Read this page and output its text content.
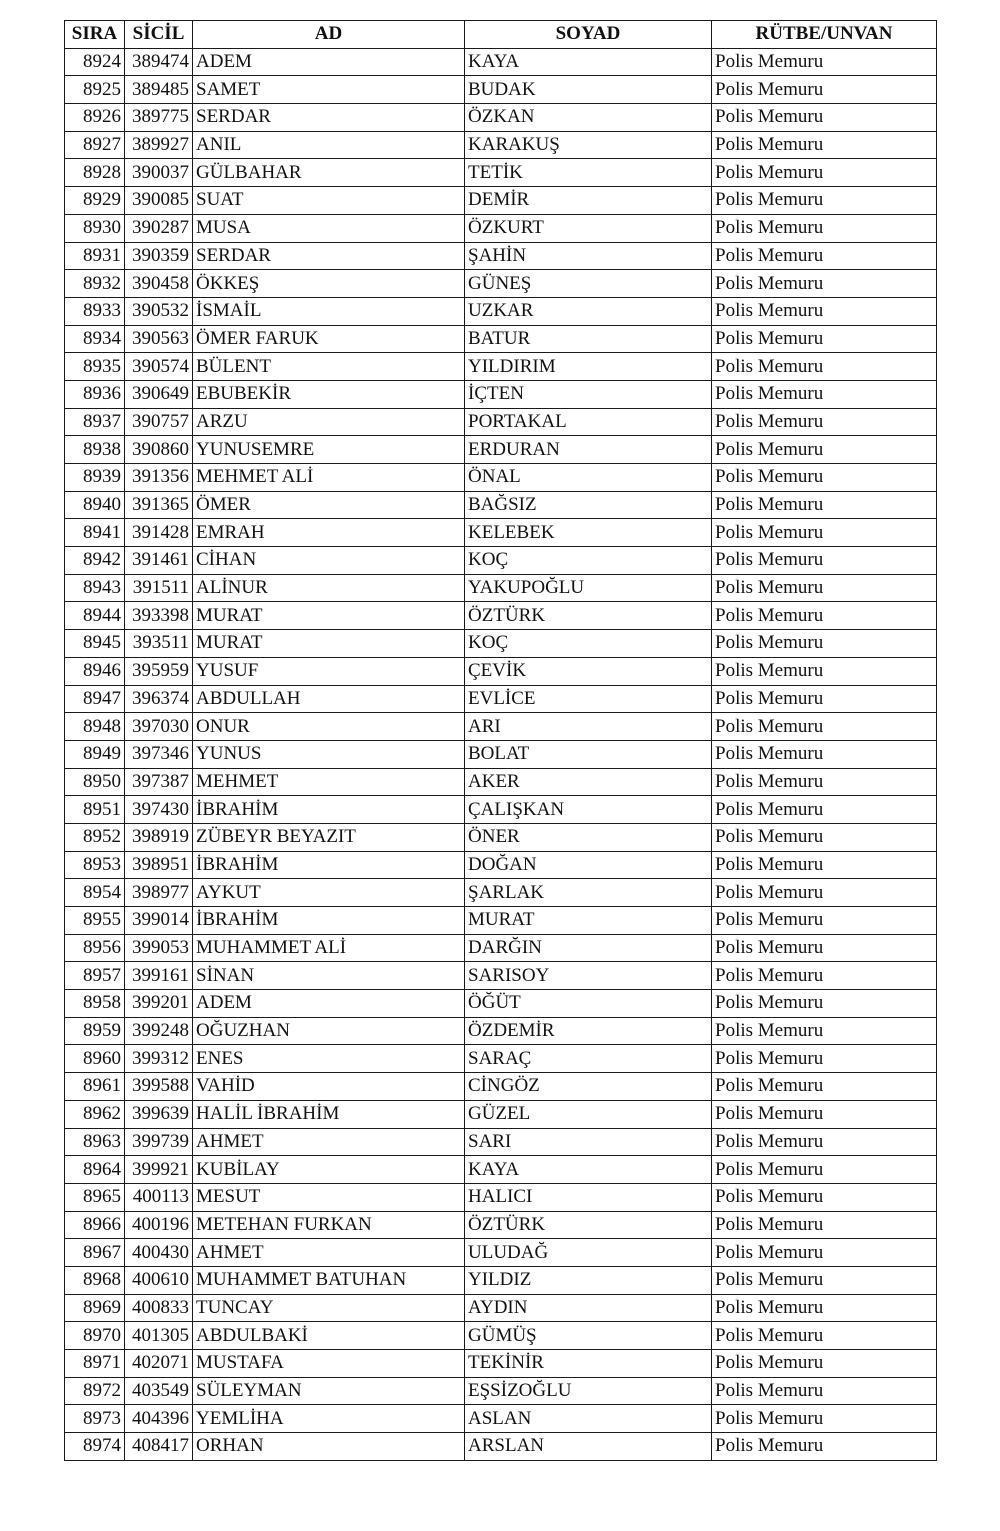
SIRA	SİCİL	AD	SOYAD	RÜTBE/UNVAN
8924	389474	ADEM	KAYA	Polis Memuru
8925	389485	SAMET	BUDAK	Polis Memuru
8926	389775	SERDAR	ÖZKAN	Polis Memuru
8927	389927	ANIL	KARAKUŞ	Polis Memuru
8928	390037	GÜLBAHAR	TETİK	Polis Memuru
8929	390085	SUAT	DEMİR	Polis Memuru
8930	390287	MUSA	ÖZKURT	Polis Memuru
8931	390359	SERDAR	ŞAHİN	Polis Memuru
8932	390458	ÖKKEŞ	GÜNEŞ	Polis Memuru
8933	390532	İSMAİL	UZKAR	Polis Memuru
8934	390563	ÖMER FARUK	BATUR	Polis Memuru
8935	390574	BÜLENT	YILDIRIM	Polis Memuru
8936	390649	EBUBEKİR	İÇTEN	Polis Memuru
8937	390757	ARZU	PORTAKAL	Polis Memuru
8938	390860	YUNUSEMRE	ERDURAN	Polis Memuru
8939	391356	MEHMET ALİ	ÖNAL	Polis Memuru
8940	391365	ÖMER	BAĞSIZ	Polis Memuru
8941	391428	EMRAH	KELEBEK	Polis Memuru
8942	391461	CİHAN	KOÇ	Polis Memuru
8943	391511	ALİNUR	YAKUPOĞLU	Polis Memuru
8944	393398	MURAT	ÖZTÜRK	Polis Memuru
8945	393511	MURAT	KOÇ	Polis Memuru
8946	395959	YUSUF	ÇEVİK	Polis Memuru
8947	396374	ABDULLAH	EVLİCE	Polis Memuru
8948	397030	ONUR	ARI	Polis Memuru
8949	397346	YUNUS	BOLAT	Polis Memuru
8950	397387	MEHMET	AKER	Polis Memuru
8951	397430	İBRAHİM	ÇALIŞKAN	Polis Memuru
8952	398919	ZÜBEYR BEYAZIT	ÖNER	Polis Memuru
8953	398951	İBRAHİM	DOĞAN	Polis Memuru
8954	398977	AYKUT	ŞARLAK	Polis Memuru
8955	399014	İBRAHİM	MURAT	Polis Memuru
8956	399053	MUHAMMET ALİ	DARĞIN	Polis Memuru
8957	399161	SİNAN	SARISOY	Polis Memuru
8958	399201	ADEM	ÖĞÜT	Polis Memuru
8959	399248	OĞUZHAN	ÖZDEMİR	Polis Memuru
8960	399312	ENES	SARAÇ	Polis Memuru
8961	399588	VAHİD	CİNGÖZ	Polis Memuru
8962	399639	HALİL İBRAHİM	GÜZEL	Polis Memuru
8963	399739	AHMET	SARI	Polis Memuru
8964	399921	KUBİLAY	KAYA	Polis Memuru
8965	400113	MESUT	HALICI	Polis Memuru
8966	400196	METEHAN FURKAN	ÖZTÜRK	Polis Memuru
8967	400430	AHMET	ULUDAĞ	Polis Memuru
8968	400610	MUHAMMET BATUHAN	YILDIZ	Polis Memuru
8969	400833	TUNCAY	AYDIN	Polis Memuru
8970	401305	ABDULBAKİ	GÜMÜŞ	Polis Memuru
8971	402071	MUSTAFA	TEKİNİR	Polis Memuru
8972	403549	SÜLEYMAN	EŞSİZOĞLU	Polis Memuru
8973	404396	YEMLİHA	ASLAN	Polis Memuru
8974	408417	ORHAN	ARSLAN	Polis Memuru
